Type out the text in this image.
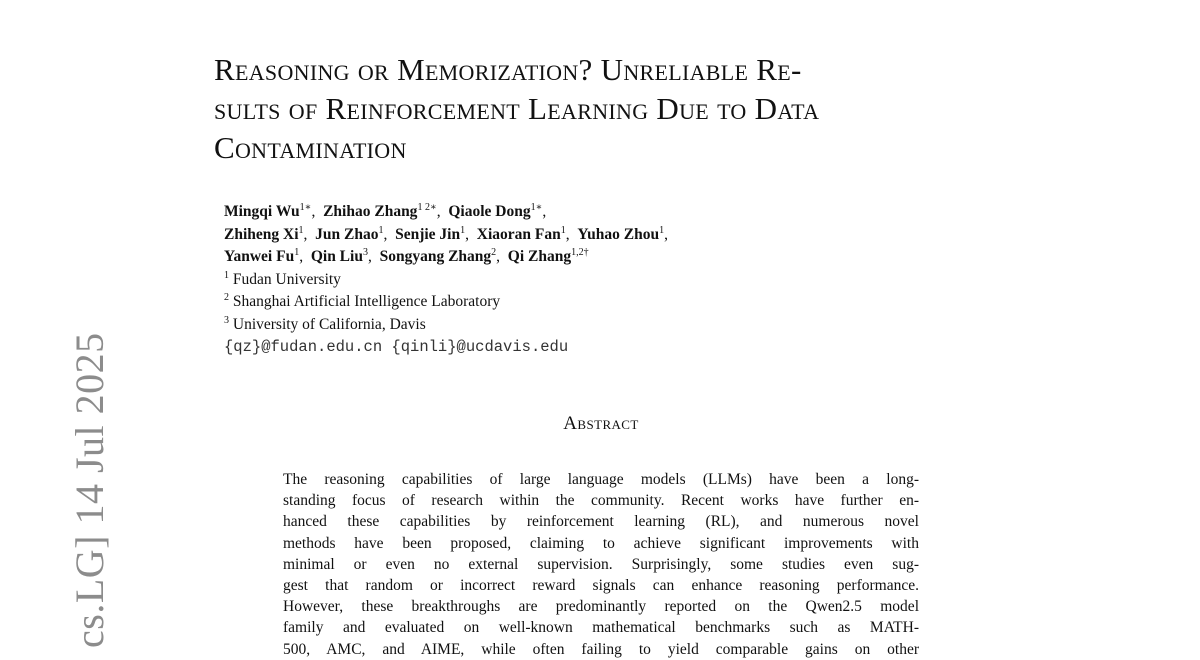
cs.LG] 14 Jul 2025
Reasoning or Memorization? Unreliable Re-
sults of Reinforcement Learning Due to Data
Contamination
Mingqi $Wu^{1∗}$,  Zhihao Zhang$^{1 2∗}$,  Qiaole Dong$^{1∗}$,
Zhiheng Xi$^1$,  Jun Zhao$^1$,  Senjie Jin$^1$,  Xiaoran Fan$^1$,  Yuhao Zhou$^1$,
Yanwei Fu$^1$,  Qin Liu$^3$,  Songyang Zhang$^2$,  Qi Zhang$^{1,2\dagger}$
$^1$ Fudan University
$^2$ Shanghai Artificial Intelligence Laboratory
$^3$ University of California, Davis
{qz}@fudan.edu.cn {qinli}@ucdavis.edu
Abstract
The reasoning capabilities of large language models (LLMs) have been a long-
standing focus of research within the community. Recent works have further en-
hanced these capabilities by reinforcement learning (RL), and numerous novel
methods have been proposed, claiming to achieve significant improvements with
minimal or even no external supervision. Surprisingly, some studies even sug-
gest that random or incorrect reward signals can enhance reasoning performance.
However, these breakthroughs are predominantly reported on the Qwen2.5 model
family and evaluated on well-known mathematical benchmarks such as MATH-
500, AMC, and AIME, while often failing to yield comparable gains on other
